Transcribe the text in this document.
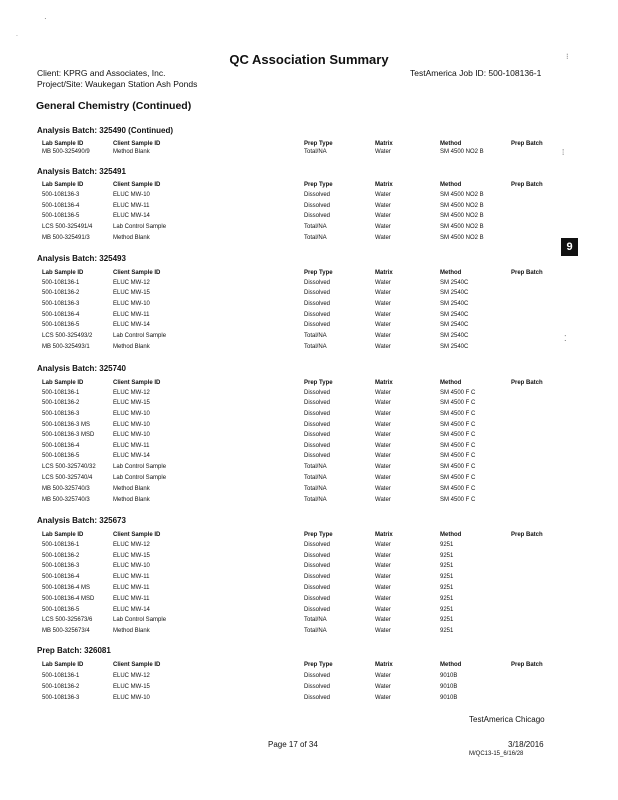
QC Association Summary
Client: KPRG and Associates, Inc.	TestAmerica Job ID: 500-108136-1
Project/Site: Waukegan Station Ash Ponds
General Chemistry (Continued)
9
·
˙
⁝
⁞
⁚
Analysis Batch: 325490 (Continued)
Lab Sample ID	Client Sample ID	Prep Type	Matrix	Method	Prep Batch
MB 500-325490/9	Method Blank	Total/NA	Water	SM 4500 NO2 B
Analysis Batch: 325491
Lab Sample ID	Client Sample ID	Prep Type	Matrix	Method	Prep Batch
500-108136-3	ELUC MW-10	Dissolved	Water	SM 4500 NO2 B
500-108136-4	ELUC MW-11	Dissolved	Water	SM 4500 NO2 B
500-108136-5	ELUC MW-14	Dissolved	Water	SM 4500 NO2 B
LCS 500-325491/4	Lab Control Sample	Total/NA	Water	SM 4500 NO2 B
MB 500-325491/3	Method Blank	Total/NA	Water	SM 4500 NO2 B
Analysis Batch: 325493
Lab Sample ID	Client Sample ID	Prep Type	Matrix	Method	Prep Batch
500-108136-1	ELUC MW-12	Dissolved	Water	SM 2540C
500-108136-2	ELUC MW-15	Dissolved	Water	SM 2540C
500-108136-3	ELUC MW-10	Dissolved	Water	SM 2540C
500-108136-4	ELUC MW-11	Dissolved	Water	SM 2540C
500-108136-5	ELUC MW-14	Dissolved	Water	SM 2540C
LCS 500-325493/2	Lab Control Sample	Total/NA	Water	SM 2540C
MB 500-325493/1	Method Blank	Total/NA	Water	SM 2540C
Analysis Batch: 325740
Lab Sample ID	Client Sample ID	Prep Type	Matrix	Method	Prep Batch
500-108136-1	ELUC MW-12	Dissolved	Water	SM 4500 F C
500-108136-2	ELUC MW-15	Dissolved	Water	SM 4500 F C
500-108136-3	ELUC MW-10	Dissolved	Water	SM 4500 F C
500-108136-3 MS	ELUC MW-10	Dissolved	Water	SM 4500 F C
500-108136-3 MSD	ELUC MW-10	Dissolved	Water	SM 4500 F C
500-108136-4	ELUC MW-11	Dissolved	Water	SM 4500 F C
500-108136-5	ELUC MW-14	Dissolved	Water	SM 4500 F C
LCS 500-325740/32	Lab Control Sample	Total/NA	Water	SM 4500 F C
LCS 500-325740/4	Lab Control Sample	Total/NA	Water	SM 4500 F C
MB 500-325740/3	Method Blank	Total/NA	Water	SM 4500 F C
MB 500-325740/3	Method Blank	Total/NA	Water	SM 4500 F C
Analysis Batch: 325673
Lab Sample ID	Client Sample ID	Prep Type	Matrix	Method	Prep Batch
500-108136-1	ELUC MW-12	Dissolved	Water	9251
500-108136-2	ELUC MW-15	Dissolved	Water	9251
500-108136-3	ELUC MW-10	Dissolved	Water	9251
500-108136-4	ELUC MW-11	Dissolved	Water	9251
500-108136-4 MS	ELUC MW-11	Dissolved	Water	9251
500-108136-4 MSD	ELUC MW-11	Dissolved	Water	9251
500-108136-5	ELUC MW-14	Dissolved	Water	9251
LCS 500-325673/6	Lab Control Sample	Total/NA	Water	9251
MB 500-325673/4	Method Blank	Total/NA	Water	9251
Prep Batch: 326081
Lab Sample ID	Client Sample ID	Prep Type	Matrix	Method	Prep Batch
500-108136-1	ELUC MW-12	Dissolved	Water	9010B
500-108136-2	ELUC MW-15	Dissolved	Water	9010B
500-108136-3	ELUC MW-10	Dissolved	Water	9010B
TestAmerica Chicago
Page 17 of 34	3/18/2016
M/QC13-15_6/16/28
